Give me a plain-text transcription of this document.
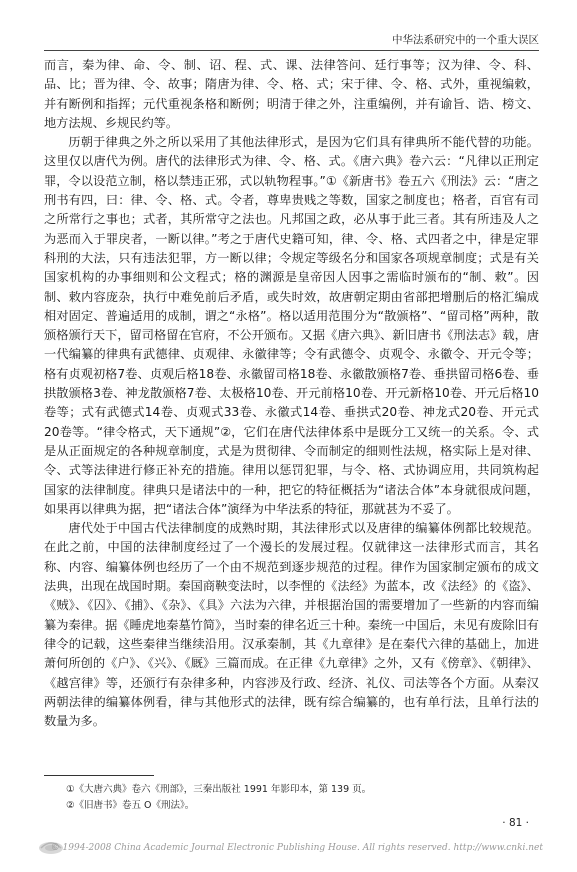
中华法系研究中的一个重大误区

而言，秦为律、命、令、制、诏、程、式、课、法律答问、廷行事等；汉为律、令、科、品、比；晋为律、令、故事；隋唐为律、令、格、式；宋于律、令、格、式外，重视编敕，并有断例和指挥；元代重视条格和断例；明清于律之外，注重编例，并有谕旨、诰、榜文、地方法规、乡规民约等。

历朝于律典之外之所以采用了其他法律形式，是因为它们具有律典所不能代替的功能。这里仅以唐代为例。唐代的法律形式为律、令、格、式。《唐六典》卷六云：“凡律以正刑定罪，令以设范立制，格以禁违正邪，式以轨物程事。”①《新唐书》卷五六《刑法》云：“唐之刑书有四，曰：律、令、格、式。令者，尊卑贵贱之等数，国家之制度也；格者，百官有司之所常行之事也；式者，其所常守之法也。凡邦国之政，必从事于此三者。其有所违及人之为恶而入于罪戾者，一断以律。”考之于唐代史籍可知，律、令、格、式四者之中，律是定罪科刑的大法，只有违法犯罪，方一断以律；令规定等级名分和国家各项规章制度；式是有关国家机构的办事细则和公文程式；格的渊源是皇帝因人因事之需临时颁布的“制、敕”。因制、敕内容庞杂，执行中难免前后矛盾，或失时效，故唐朝定期由省部把增删后的格汇编成相对固定、普遍适用的成制，谓之“永格”。格以适用范围分为“散颁格”、“留司格”两种，散颁格颁行天下，留司格留在官府，不公开颁布。又据《唐六典》、新旧唐书《刑法志》载，唐一代编纂的律典有武德律、贞观律、永徽律等；令有武德令、贞观令、永徽令、开元令等；格有贞观初格7卷、贞观后格18卷、永徽留司格18卷、永徽散颁格7卷、垂拱留司格6卷、垂拱散颁格3卷、神龙散颁格7卷、太极格10卷、开元前格10卷、开元新格10卷、开元后格10卷等；式有武德式14卷、贞观式33卷、永徽式14卷、垂拱式20卷、神龙式20卷、开元式20卷等。“律令格式，天下通规”②，它们在唐代法律体系中是既分工又统一的关系。令、式是从正面规定的各种规章制度，式是为贯彻律、令而制定的细则性法规，格实际上是对律、令、式等法律进行修正补充的措施。律用以惩罚犯罪，与令、格、式协调应用，共同筑构起国家的法律制度。律典只是诸法中的一种，把它的特征概括为“诸法合体”本身就很成问题，如果再以律典为据，把“诸法合体”演绎为中华法系的特征，那就甚为不妥了。

唐代处于中国古代法律制度的成熟时期，其法律形式以及唐律的编纂体例都比较规范。在此之前，中国的法律制度经过了一个漫长的发展过程。仅就律这一法律形式而言，其名称、内容、编纂体例也经历了一个由不规范到逐步规范的过程。律作为国家制定颁布的成文法典，出现在战国时期。秦国商鞅变法时，以李悝的《法经》为蓝本，改《法经》的《盗》、《贼》、《囚》、《捕》、《杂》、《具》六法为六律，并根据治国的需要增加了一些新的内容而编纂为秦律。据《睡虎地秦墓竹简》，当时秦的律名近三十种。秦统一中国后，未见有废除旧有律令的记载，这些秦律当继续沿用。汉承秦制，其《九章律》是在秦代六律的基础上，加进萧何所创的《户》、《兴》、《厩》三篇而成。在正律《九章律》之外，又有《傍章》、《朝律》、《越宫律》等，还颁行有杂律多种，内容涉及行政、经济、礼仪、司法等各个方面。从秦汉两朝法律的编纂体例看，律与其他形式的法律，既有综合编纂的，也有单行法，且单行法的数量为多。

①《大唐六典》卷六《刑部》，三秦出版社 1991 年影印本，第 139 页。
②《旧唐书》卷五 O《刑法》。
· 81 ·
© 1994-2008 China Academic Journal Electronic Publishing House. All rights reserved. http://www.cnki.net
